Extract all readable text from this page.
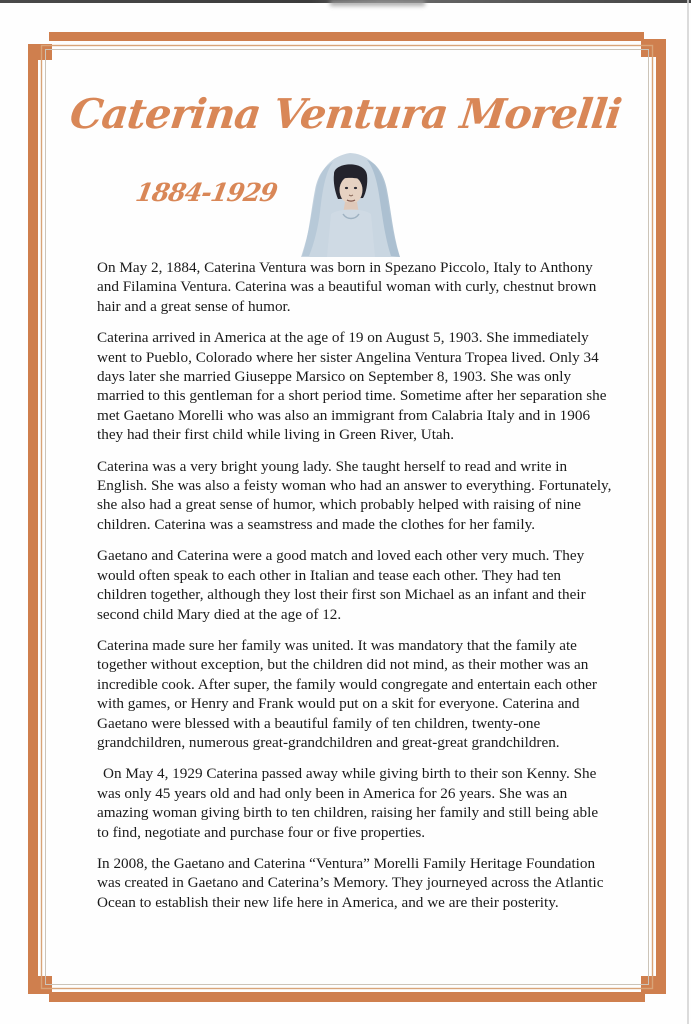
Caterina Ventura Morelli
1884-1929

On May 2, 1884, Caterina Ventura was born in Spezano Piccolo, Italy to Anthony and Filamina Ventura. Caterina was a beautiful woman with curly, chestnut brown hair and a great sense of humor.

Caterina arrived in America at the age of 19 on August 5, 1903. She immediately went to Pueblo, Colorado where her sister Angelina Ventura Tropea lived. Only 34 days later she married Giuseppe Marsico on September 8, 1903. She was only married to this gentleman for a short period time. Sometime after her separation she met Gaetano Morelli who was also an immigrant from Calabria Italy and in 1906 they had their first child while living in Green River, Utah.

Caterina was a very bright young lady. She taught herself to read and write in English. She was also a feisty woman who had an answer to everything. Fortunately, she also had a great sense of humor, which probably helped with raising of nine children. Caterina was a seamstress and made the clothes for her family.

Gaetano and Caterina were a good match and loved each other very much. They would often speak to each other in Italian and tease each other. They had ten children together, although they lost their first son Michael as an infant and their second child Mary died at the age of 12.

Caterina made sure her family was united. It was mandatory that the family ate together without exception, but the children did not mind, as their mother was an incredible cook. After super, the family would congregate and entertain each other with games, or Henry and Frank would put on a skit for everyone. Caterina and Gaetano were blessed with a beautiful family of ten children, twenty-one grandchildren, numerous great-grandchildren and great-great grandchildren.

On May 4, 1929 Caterina passed away while giving birth to their son Kenny. She was only 45 years old and had only been in America for 26 years. She was an amazing woman giving birth to ten children, raising her family and still being able to find, negotiate and purchase four or five properties.

In 2008, the Gaetano and Caterina “Ventura” Morelli Family Heritage Foundation was created in Gaetano and Caterina’s Memory. They journeyed across the Atlantic Ocean to establish their new life here in America, and we are their posterity.
